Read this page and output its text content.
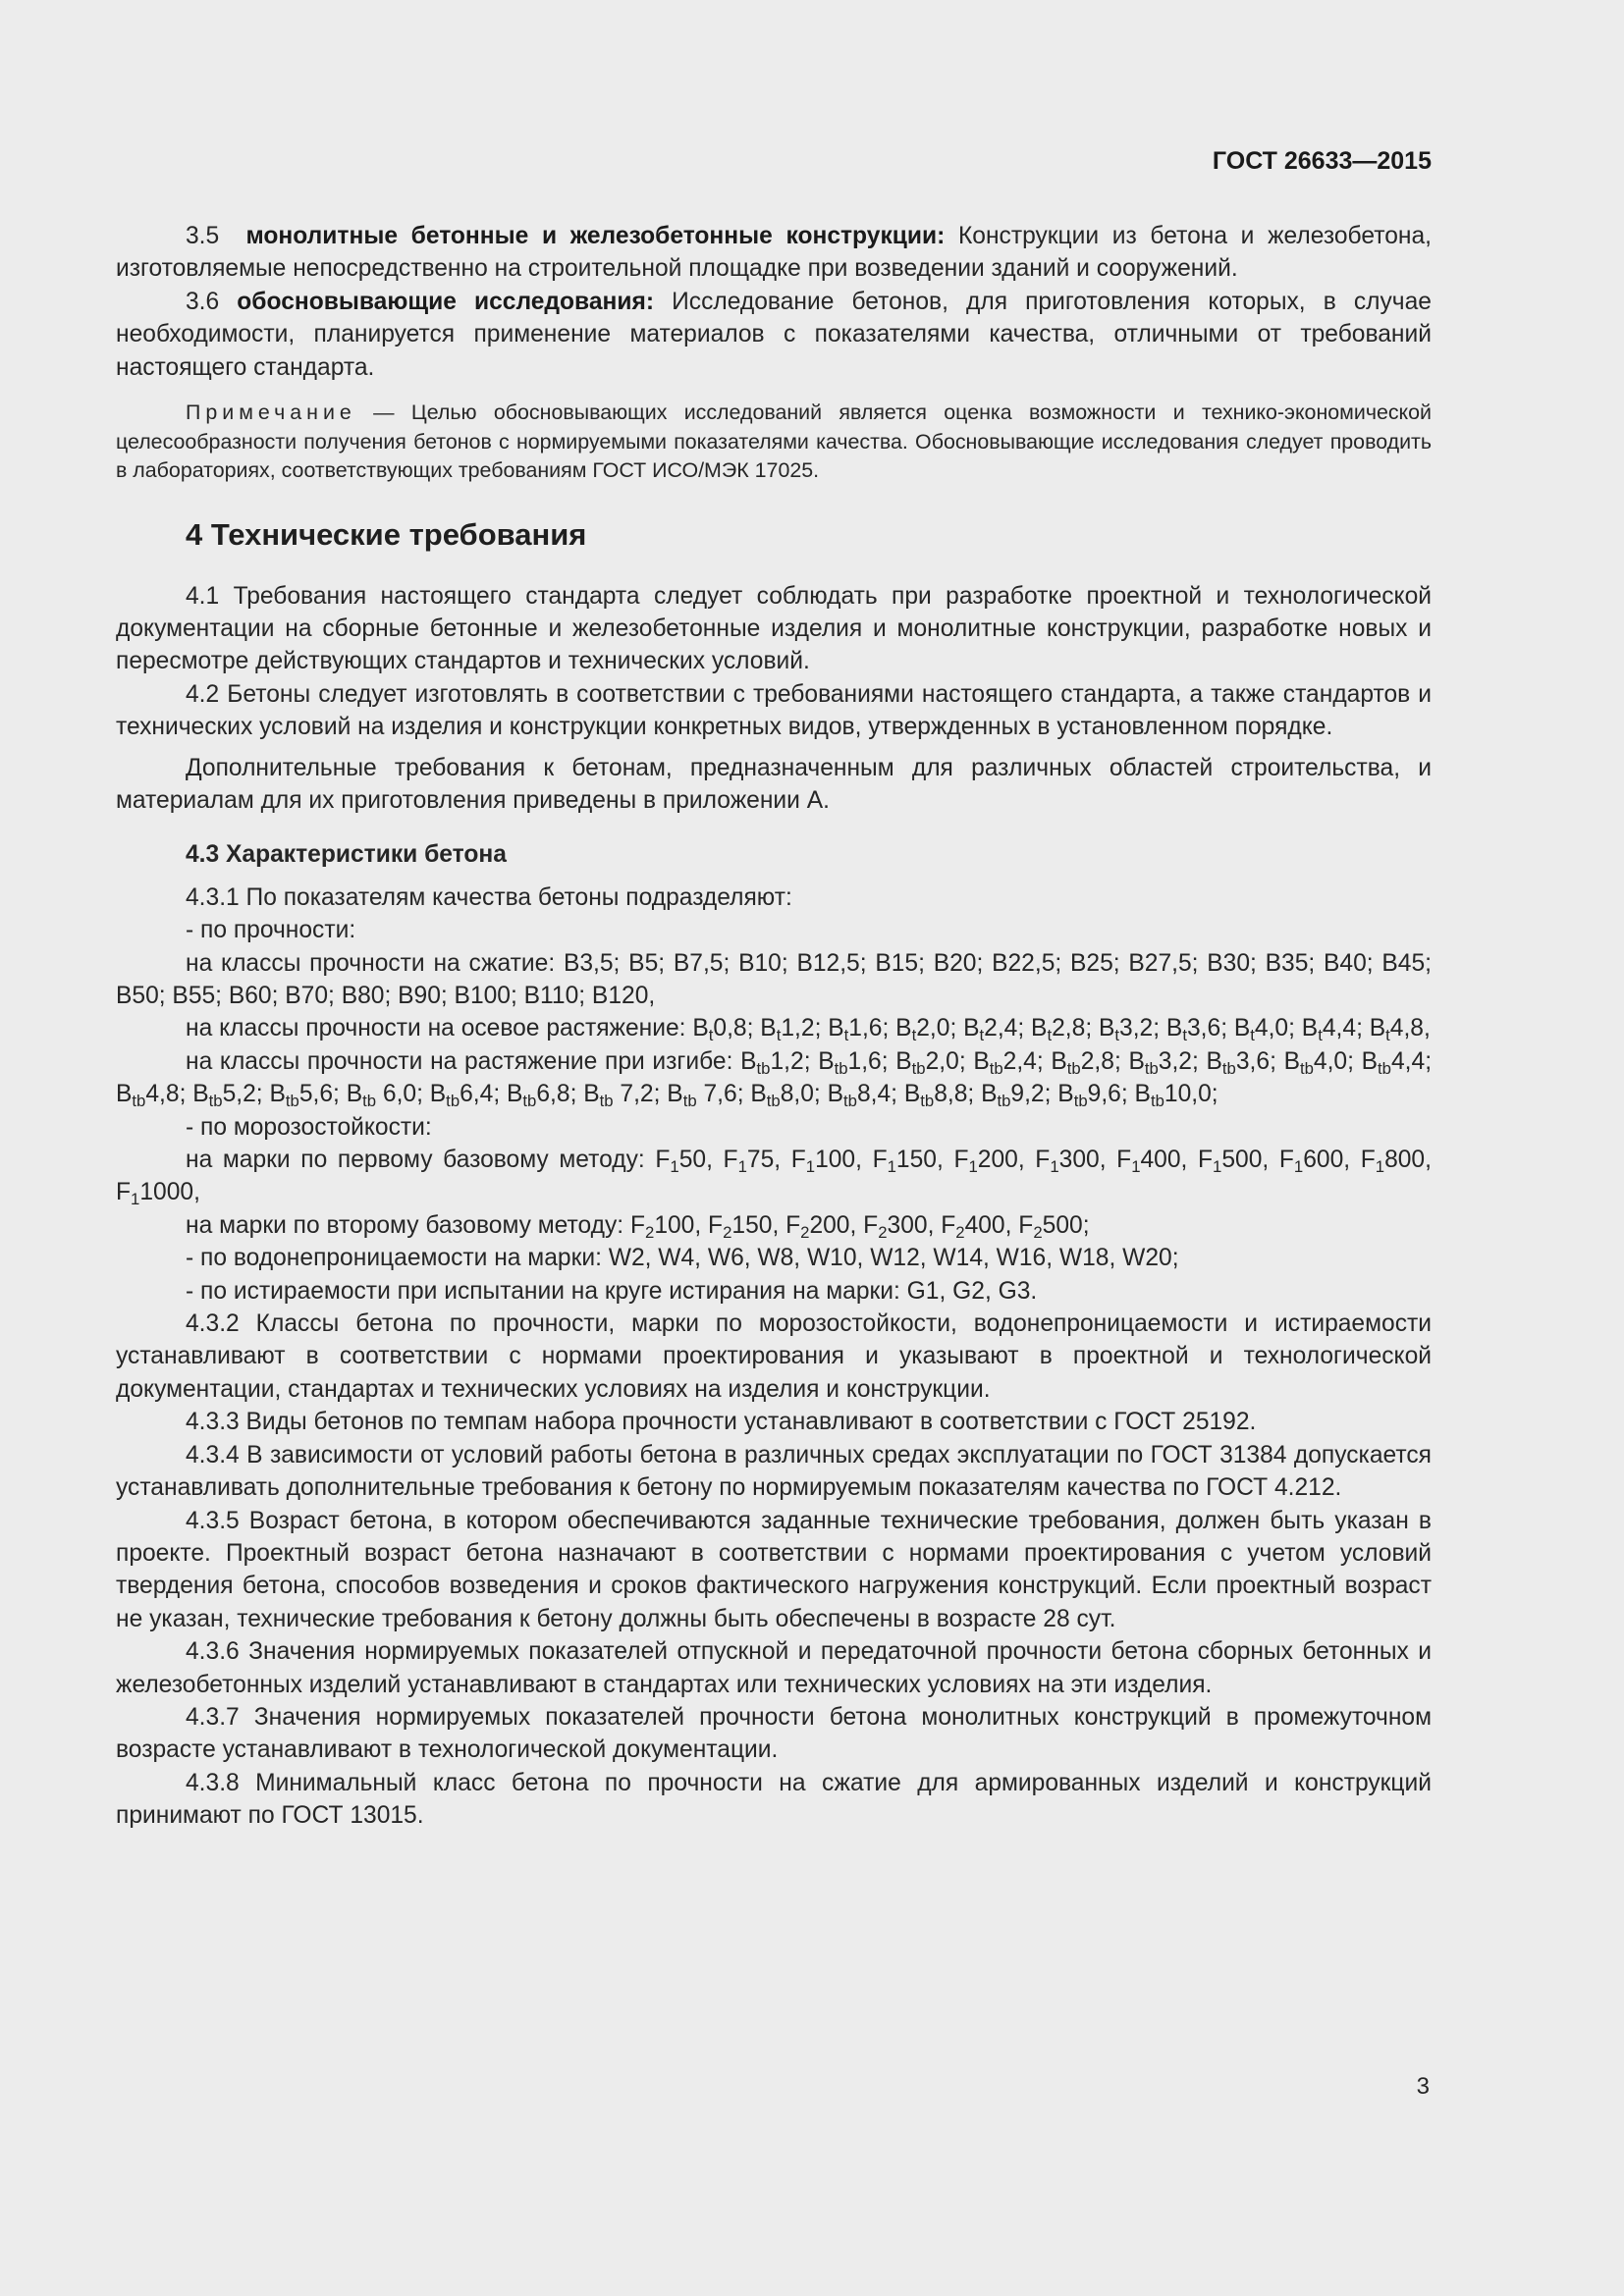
ГОСТ 26633—2015

3.5 монолитные бетонные и железобетонные конструкции: Конструкции из бетона и железобетона, изготовляемые непосредственно на строительной площадке при возведении зданий и сооружений.

3.6 обосновывающие исследования: Исследование бетонов, для приготовления которых, в случае необходимости, планируется применение материалов с показателями качества, отличными от требований настоящего стандарта.

Примечание — Целью обосновывающих исследований является оценка возможности и технико-экономической целесообразности получения бетонов с нормируемыми показателями качества. Обосновывающие исследования следует проводить в лабораториях, соответствующих требованиям ГОСТ ИСО/МЭК 17025.

4 Технические требования

4.1 Требования настоящего стандарта следует соблюдать при разработке проектной и технологической документации на сборные бетонные и железобетонные изделия и монолитные конструкции, разработке новых и пересмотре действующих стандартов и технических условий.

4.2 Бетоны следует изготовлять в соответствии с требованиями настоящего стандарта, а также стандартов и технических условий на изделия и конструкции конкретных видов, утвержденных в установленном порядке.

Дополнительные требования к бетонам, предназначенным для различных областей строительства, и материалам для их приготовления приведены в приложении А.

4.3 Характеристики бетона

4.3.1 По показателям качества бетоны подразделяют:

- по прочности:

на классы прочности на сжатие: В3,5; В5; В7,5; В10; В12,5; В15; В20; В22,5; В25; В27,5; В30; В35; В40; В45; В50; В55; В60; В70; В80; В90; В100; В110; В120,

на классы прочности на осевое растяжение: $B_t0,8$; $B_t1,2$; $B_t1,6$; $B_t2,0$; $B_t2,4$; $B_t2,8$; $B_t3,2$; $B_t3,6$; $B_t4,0$; $B_t4,4$; $B_t4,8$,

на классы прочности на растяжение при изгибе: $B_{tb}1,2$; $B_{tb}1,6$; $B_{tb}2,0$; $B_{tb}2,4$; $B_{tb}2,8$; $B_{tb}3,2$; $B_{tb}3,6$; $B_{tb}4,0$; $B_{tb}4,4$; $B_{tb}4,8$; $B_{tb}5,2$; $B_{tb}5,6$; $B_{tb}$ 6,0; $B_{tb}6,4$; $B_{tb}6,8$; $B_{tb}$ 7,2; $B_{tb}$ 7,6; $B_{tb}8,0$; $B_{tb}8,4$; $B_{tb}8,8$; $B_{tb}9,2$; $B_{tb}9,6$; $B_{tb}10,0$;

- по морозостойкости:

на марки по первому базовому методу: $F_150$, $F_175$, $F_1100$, $F_1150$, $F_1200$, $F_1300$, $F_1400$, $F_1500$, $F_1600$, $F_1800$, $F_11000$,

на марки по второму базовому методу: $F_2100$, $F_2150$, $F_2200$, $F_2300$, $F_2400$, $F_2500$;

- по водонепроницаемости на марки: W2, W4, W6, W8, W10, W12, W14, W16, W18, W20;

- по истираемости при испытании на круге истирания на марки: G1, G2, G3.

4.3.2 Классы бетона по прочности, марки по морозостойкости, водонепроницаемости и истираемости устанавливают в соответствии с нормами проектирования и указывают в проектной и технологической документации, стандартах и технических условиях на изделия и конструкции.

4.3.3 Виды бетонов по темпам набора прочности устанавливают в соответствии с ГОСТ 25192.

4.3.4 В зависимости от условий работы бетона в различных средах эксплуатации по ГОСТ 31384 допускается устанавливать дополнительные требования к бетону по нормируемым показателям качества по ГОСТ 4.212.

4.3.5 Возраст бетона, в котором обеспечиваются заданные технические требования, должен быть указан в проекте. Проектный возраст бетона назначают в соответствии с нормами проектирования с учетом условий твердения бетона, способов возведения и сроков фактического нагружения конструкций. Если проектный возраст не указан, технические требования к бетону должны быть обеспечены в возрасте 28 сут.

4.3.6 Значения нормируемых показателей отпускной и передаточной прочности бетона сборных бетонных и железобетонных изделий устанавливают в стандартах или технических условиях на эти изделия.

4.3.7 Значения нормируемых показателей прочности бетона монолитных конструкций в промежуточном возрасте устанавливают в технологической документации.

4.3.8 Минимальный класс бетона по прочности на сжатие для армированных изделий и конструкций принимают по ГОСТ 13015.

3
